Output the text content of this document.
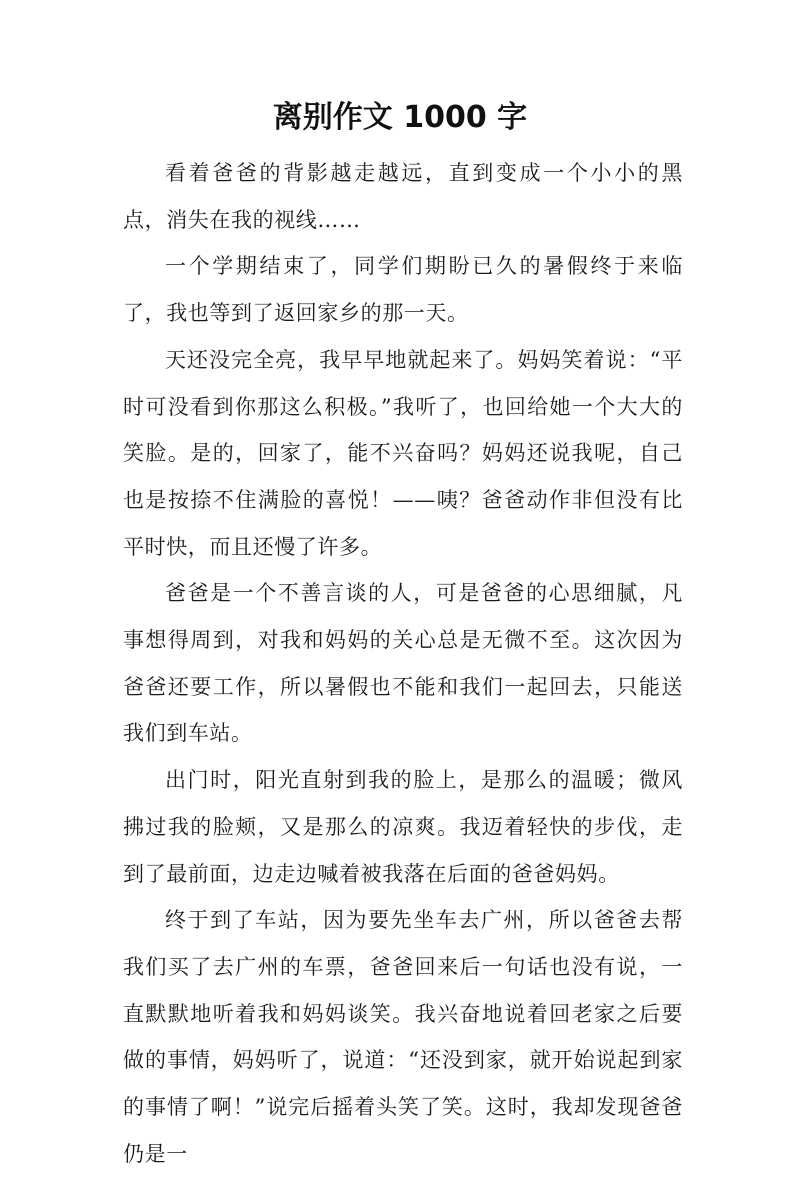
离别作文 1000 字

看着爸爸的背影越走越远，直到变成一个小小的黑点，消失在我的视线……

一个学期结束了，同学们期盼已久的暑假终于来临了，我也等到了返回家乡的那一天。

天还没完全亮，我早早地就起来了。妈妈笑着说：“平时可没看到你那这么积极。”我听了，也回给她一个大大的笑脸。是的，回家了，能不兴奋吗？妈妈还说我呢，自己也是按捺不住满脸的喜悦！——咦？爸爸动作非但没有比平时快，而且还慢了许多。

爸爸是一个不善言谈的人，可是爸爸的心思细腻，凡事想得周到，对我和妈妈的关心总是无微不至。这次因为爸爸还要工作，所以暑假也不能和我们一起回去，只能送我们到车站。

出门时，阳光直射到我的脸上，是那么的温暖；微风拂过我的脸颊，又是那么的凉爽。我迈着轻快的步伐，走到了最前面，边走边喊着被我落在后面的爸爸妈妈。

终于到了车站，因为要先坐车去广州，所以爸爸去帮我们买了去广州的车票，爸爸回来后一句话也没有说，一直默默地听着我和妈妈谈笑。我兴奋地说着回老家之后要做的事情，妈妈听了，说道：“还没到家，就开始说起到家的事情了啊！”说完后摇着头笑了笑。这时，我却发现爸爸仍是一
